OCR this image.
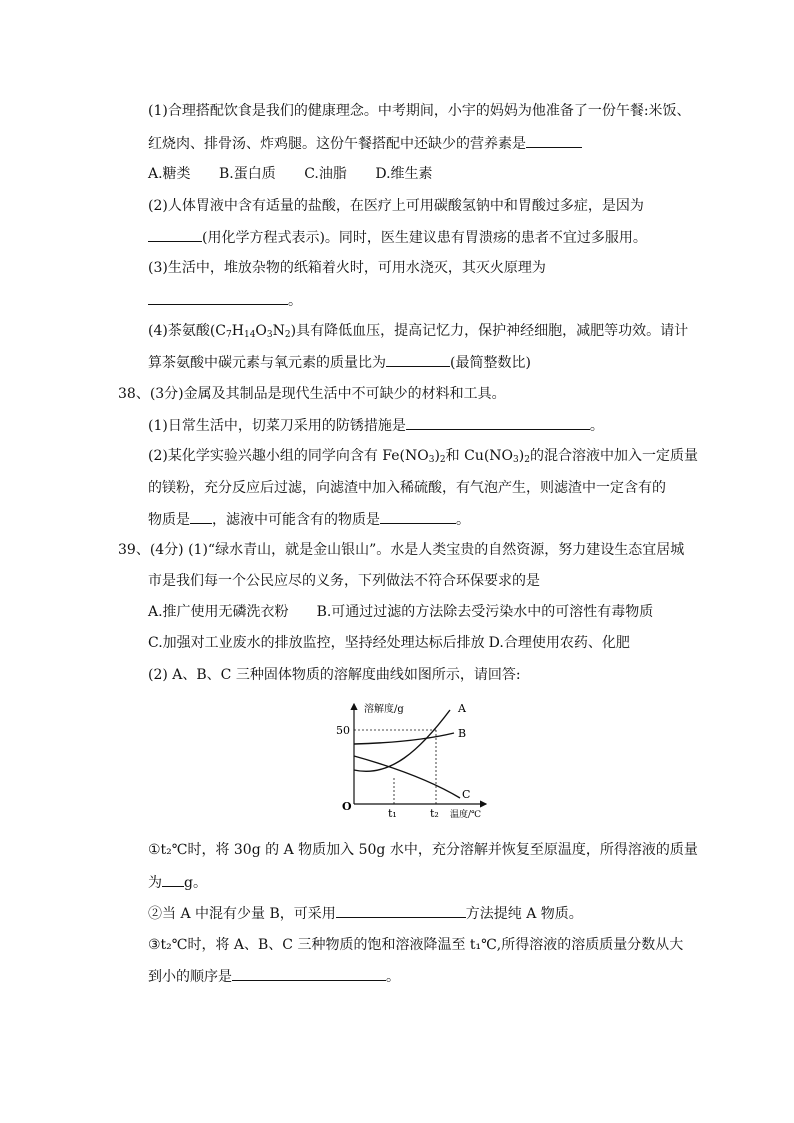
(1)合理搭配饮食是我们的健康理念。中考期间，小宇的妈妈为他准备了一份午餐:米饭、
红烧肉、排骨汤、炸鸡腿。这份午餐搭配中还缺少的营养素是
A.糖类 B.蛋白质 C.油脂 D.维生素
(2)人体胃液中含有适量的盐酸，在医疗上可用碳酸氢钠中和胃酸过多症，是因为
(用化学方程式表示)。同时，医生建议患有胃溃疡的患者不宜过多服用。
(3)生活中，堆放杂物的纸箱着火时，可用水浇灭，其灭火原理为
。
(4)茶氨酸$(C_7H_{14}O_3N_2)$具有降低血压，提高记忆力，保护神经细胞，减肥等功效。请计
算茶氨酸中碳元素与氧元素的质量比为	(最简整数比)
38、(3分)金属及其制品是现代生活中不可缺少的材料和工具。
(1)日常生活中，切菜刀采用的防锈措施是	。
(2)某化学实验兴趣小组的同学向含有 $Fe(NO_3)_2$和 $Cu(NO_3)_2$的混合溶液中加入一定质量
的镁粉，充分反应后过滤，向滤渣中加入稀硫酸，有气泡产生，则滤渣中一定含有的
物质是 ，滤液中可能含有的物质是	。
39、(4分) (1)“绿水青山，就是金山银山”。水是人类宝贵的自然资源，努力建设生态宜居城
市是我们每一个公民应尽的义务，下列做法不符合环保要求的是
A.推广使用无磷洗衣粉 B.可通过过滤的方法除去受污染水中的可溶性有毒物质
C.加强对工业废水的排放监控，坚持经处理达标后排放 D.合理使用农药、化肥
(2) A、B、C 三种固体物质的溶解度曲线如图所示，请回答:
溶解度/g
温度/℃
O
50
t₁	t₂
A
B
C
①t₂℃时，将 30g 的 A 物质加入 50g 水中，充分溶解并恢复至原温度，所得溶液的质量
为 g。
②当 A 中混有少量 B，可采用	方法提纯 A 物质。
③t₂℃时，将 A、B、C 三种物质的饱和溶液降温至 t₁℃,所得溶液的溶质质量分数从大
到小的顺序是	。
